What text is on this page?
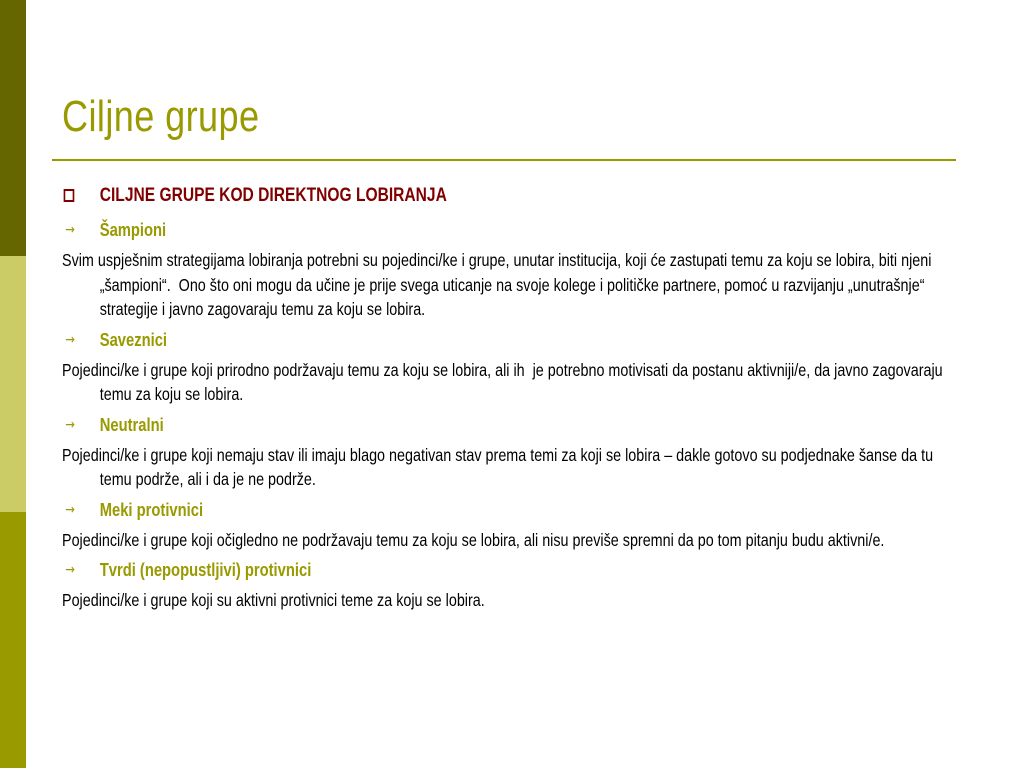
Ciljne grupe
CILJNE GRUPE KOD DIREKTNOG LOBIRANJA
→	Šampioni
Svim uspješnim strategijama lobiranja potrebni su pojedinci/ke i grupe, unutar institucija, koji će zastupati temu za koju se lobira, biti njeni „šampioni“.  Ono što oni mogu da učine je prije svega uticanje na svoje kolege i političke partnere, pomoć u razvijanju „unutrašnje“ strategije i javno zagovaraju temu za koju se lobira.
→	Saveznici
Pojedinci/ke i grupe koji prirodno podržavaju temu za koju se lobira, ali ih  je potrebno motivisati da postanu aktivniji/e, da javno zagovaraju temu za koju se lobira.
→	Neutralni
Pojedinci/ke i grupe koji nemaju stav ili imaju blago negativan stav prema temi za koji se lobira – dakle gotovo su podjednake šanse da tu temu podrže, ali i da je ne podrže.
→	Meki protivnici
Pojedinci/ke i grupe koji očigledno ne podržavaju temu za koju se lobira, ali nisu previše spremni da po tom pitanju budu aktivni/e.
→	Tvrdi (nepopustljivi) protivnici
Pojedinci/ke i grupe koji su aktivni protivnici teme za koju se lobira.
